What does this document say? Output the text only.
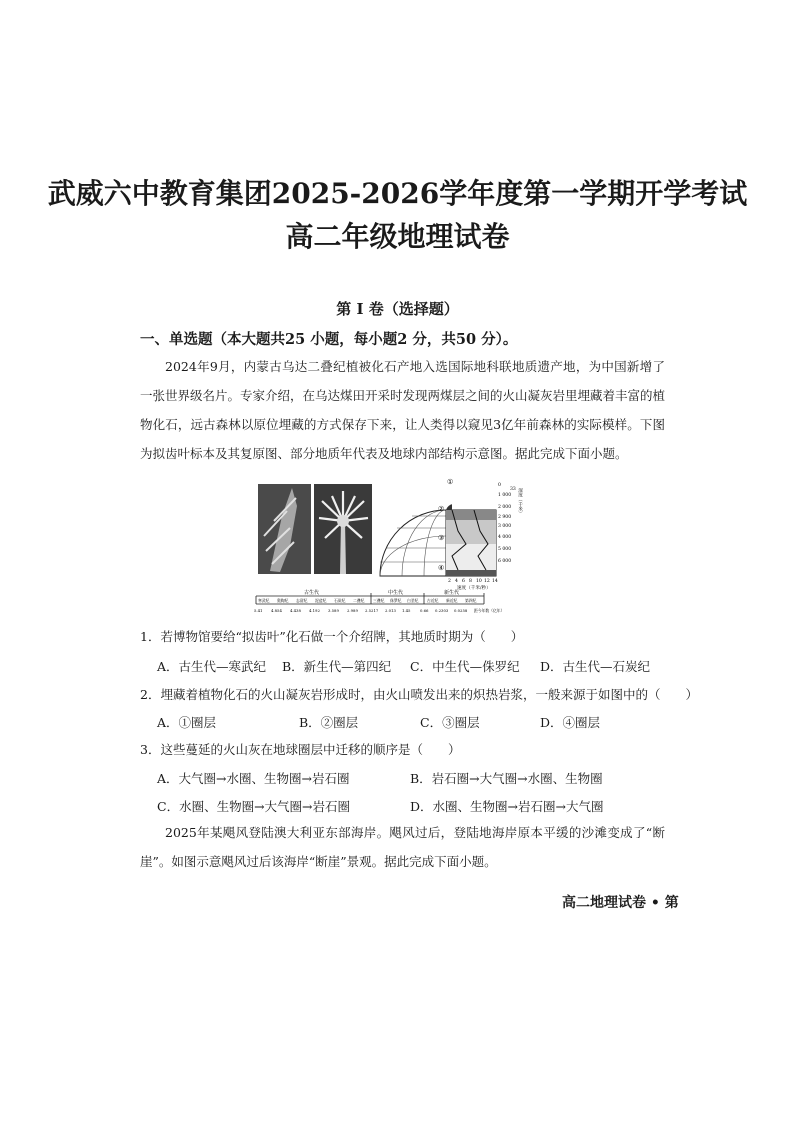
武威六中教育集团2025-2026学年度第一学期开学考试
高二年级地理试卷
第 I 卷（选择题）
一、单选题（本大题共25 小题，每小题2 分，共50 分）。
2024年9月，内蒙古乌达二叠纪植被化石产地入选国际地科联地质遗产地，为中国新增了一张世界级名片。专家介绍，在乌达煤田开采时发现两煤层之间的火山凝灰岩里埋藏着丰富的植物化石，远古森林以原位埋藏的方式保存下来，让人类得以窥见3亿年前森林的实际模样。下图为拟齿叶标本及其复原图、部分地质年代表及地球内部结构示意图。据此完成下面小题。
①
②
③
④
横波 纵波
0
33
1 000
2 000
2 900
3 000
4 000
5 000
6 000
深度（千米）
2 4 6 8 10 12 14
速度（千米/秒）
古生代	中生代	新生代
寒武纪 奥陶纪 志留纪 泥盆纪 石炭纪 二叠纪 三叠纪 侏罗纪 白垩纪 古近纪 新近纪 第四纪
5.41 4.854 4.438 4.192 3.589 2.989 2.5217 2.013 1.45	0.66 0.2303 0.0258 距今年数（亿年）
1．若博物馆要给“拟齿叶”化石做一个介绍牌，其地质时期为（　　）
A．古生代—寒武纪 B．新生代—第四纪 C．中生代—侏罗纪 D．古生代—石炭纪
2．埋藏着植物化石的火山凝灰岩形成时，由火山喷发出来的炽热岩浆，一般来源于如图中的（　　）
A．①圈层	B．②圈层	C．③圈层	D．④圈层
3．这些蔓延的火山灰在地球圈层中迁移的顺序是（　　）
A．大气圈→水圈、生物圈→岩石圈	B．岩石圈→大气圈→水圈、生物圈
C．水圈、生物圈→大气圈→岩石圈	D．水圈、生物圈→岩石圈→大气圈
2025年某飓风登陆澳大利亚东部海岸。飓风过后，登陆地海岸原本平缓的沙滩变成了“断崖”。如图示意飓风过后该海岸“断崖”景观。据此完成下面小题。
高二地理试卷 • 第
